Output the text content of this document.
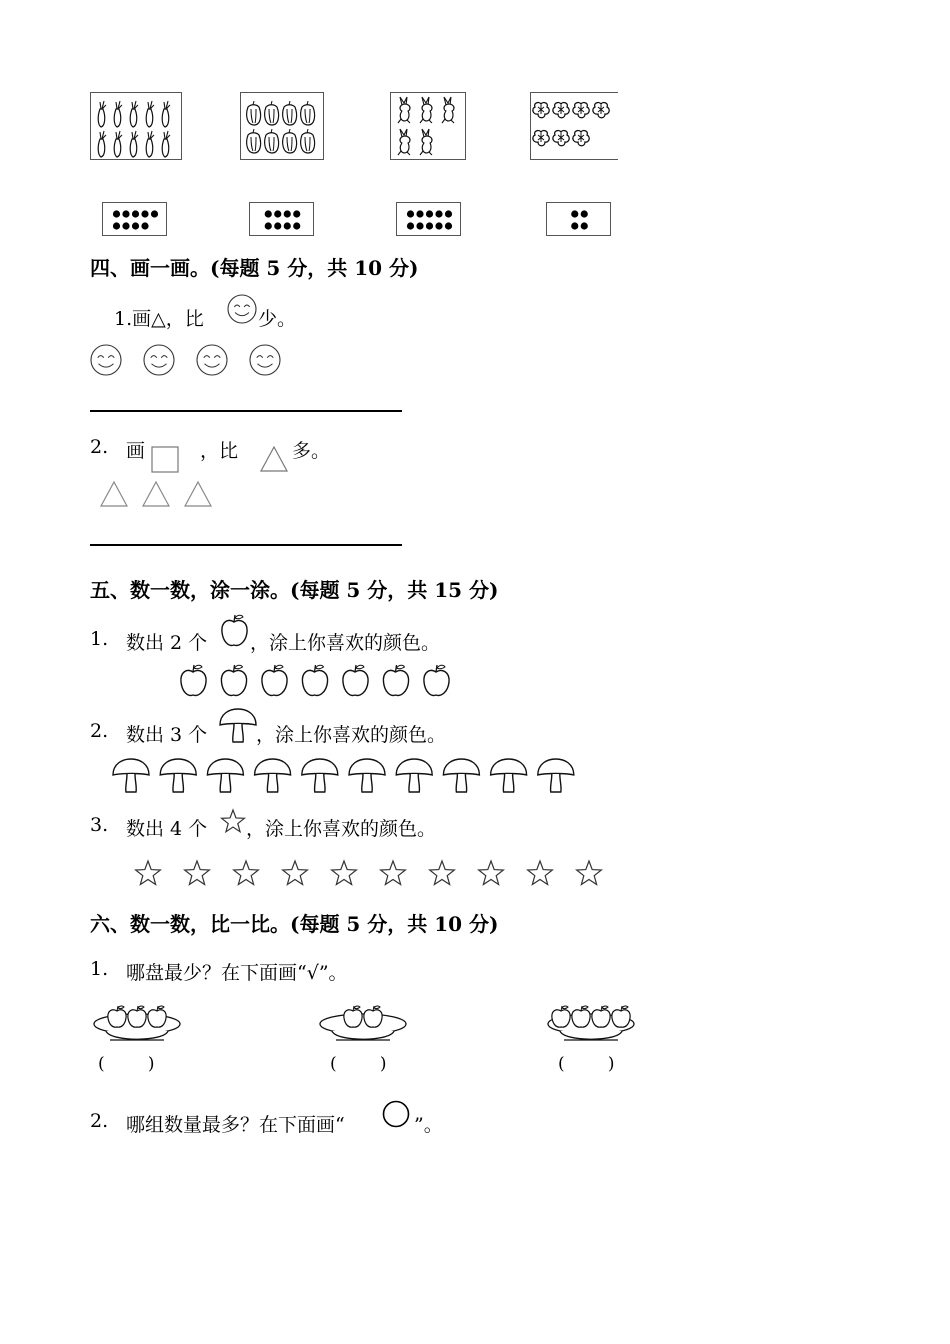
四、画一画。(每题 5 分，共 10 分)
1.画△，比	少。
2. 画	，比	多。
五、数一数，涂一涂。(每题 5 分，共 15 分)
1. 数出 2 个 ，涂上你喜欢的颜色。
2. 数出 3 个	，涂上你喜欢的颜色。
3. 数出 4 个 ，涂上你喜欢的颜色。
六、数一数，比一比。(每题 5 分，共 10 分)
1. 哪盘最少？在下面画“√”。
(        )	(        )	(        )
2. 哪组数量最多？在下面画“	”。
